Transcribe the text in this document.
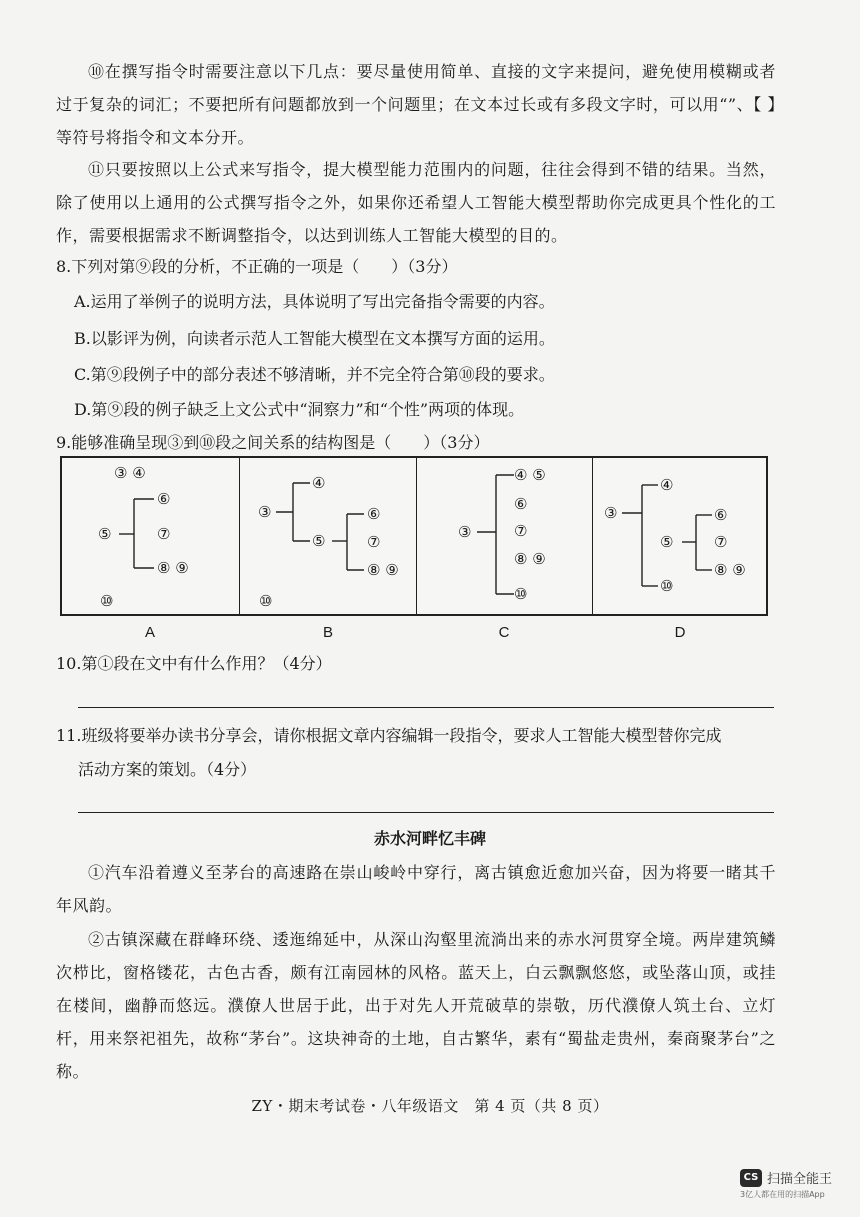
⑩在撰写指令时需要注意以下几点：要尽量使用简单、直接的文字来提问，避免使用模糊或者过于复杂的词汇；不要把所有问题都放到一个问题里；在文本过长或有多段文字时，可以用“”、【 】等符号将指令和文本分开。

⑪只要按照以上公式来写指令，提大模型能力范围内的问题，往往会得到不错的结果。当然，除了使用以上通用的公式撰写指令之外，如果你还希望人工智能大模型帮助你完成更具个性化的工作，需要根据需求不断调整指令，以达到训练人工智能大模型的目的。

8.下列对第⑨段的分析，不正确的一项是（　　）（3分）

A.运用了举例子的说明方法，具体说明了写出完备指令需要的内容。

B.以影评为例，向读者示范人工智能大模型在文本撰写方面的运用。

C.第⑨段例子中的部分表述不够清晰，并不完全符合第⑩段的要求。

D.第⑨段的例子缺乏上文公式中“洞察力”和“个性”两项的体现。

9.能够准确呈现③到⑩段之间关系的结构图是（　　）（3分）

③ ④
⑥
⑤	⑦
⑧ ⑨
⑩
③
④
⑤
⑥
⑦
⑧ ⑨
⑩
③
④ ⑤
⑥
⑦
⑧ ⑨
⑩
③
④
⑤
⑥
⑦
⑧ ⑨
⑩
A	B	C	D

10.第①段在文中有什么作用？（4分）

11.班级将要举办读书分享会，请你根据文章内容编辑一段指令，要求人工智能大模型替你完成
活动方案的策划。（4分）
赤水河畔忆丰碑

①汽车沿着遵义至茅台的高速路在崇山峻岭中穿行，离古镇愈近愈加兴奋，因为将要一睹其千年风韵。

②古镇深藏在群峰环绕、逶迤绵延中，从深山沟壑里流淌出来的赤水河贯穿全境。两岸建筑鳞次栉比，窗格镂花，古色古香，颇有江南园林的风格。蓝天上，白云飘飘悠悠，或坠落山顶，或挂在楼间，幽静而悠远。濮僚人世居于此，出于对先人开荒破草的崇敬，历代濮僚人筑土台、立灯杆，用来祭祀祖先，故称“茅台”。这块神奇的土地，自古繁华，素有“蜀盐走贵州，秦商聚茅台”之称。

ZY・期末考试卷・八年级语文　第 4 页（共 8 页）
CS 扫描全能王
3亿人都在用的扫描App
